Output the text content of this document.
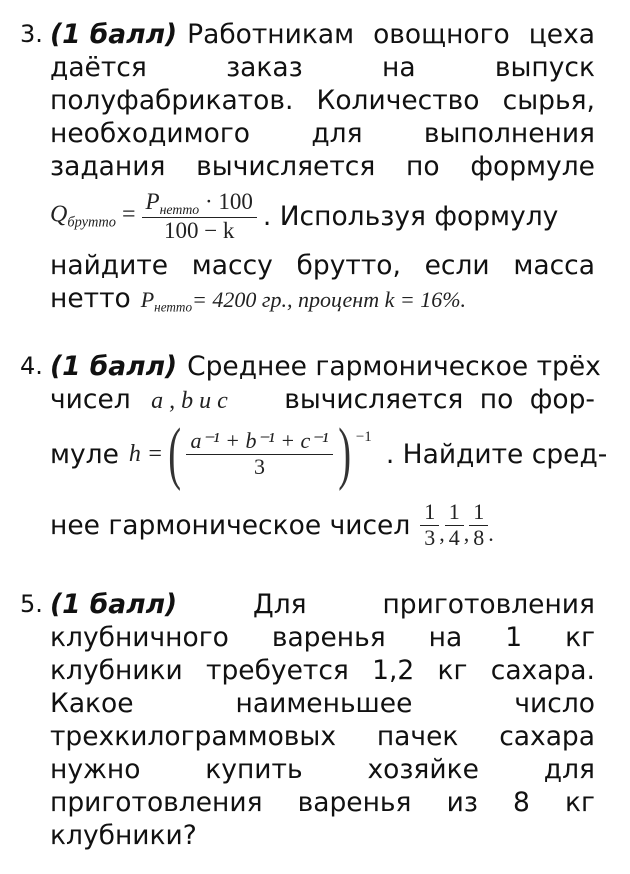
3. (1 балл) Работникам овощного цеха
даётся	заказ	на	выпуск
полуфабрикатов. Количество сырья,
необходимого для выполнения
задания вычисляется по формуле
$Q_{брутто} = \frac{P_{нетто} \cdot 100}{100 - k}$ . Используя формулу
найдите массу брутто, если масса
нетто $P_{нетто}= 4200$ гр., процент k = 16%.
4. (1 балл) Среднее гармоническое трёх
чисел a , b и c вычисляется по фор-
муле h = ( $\frac{\text{a⁻¹ + b⁻¹ + c⁻¹}}{3}$ ) −1
. Найдите сред-
нее гармоническое чисел $\frac{1}{3}$ , $\frac{1}{4}$ , $\frac{1}{8}$ .
5. (1 балл)	Для	приготовления
клубничного варенья на 1 кг
клубники требуется 1,2 кг сахара.
Какое	наименьшее	число
трехкилограммовых пачек сахара
нужно купить хозяйке для
приготовления варенья из 8 кг
клубники?
